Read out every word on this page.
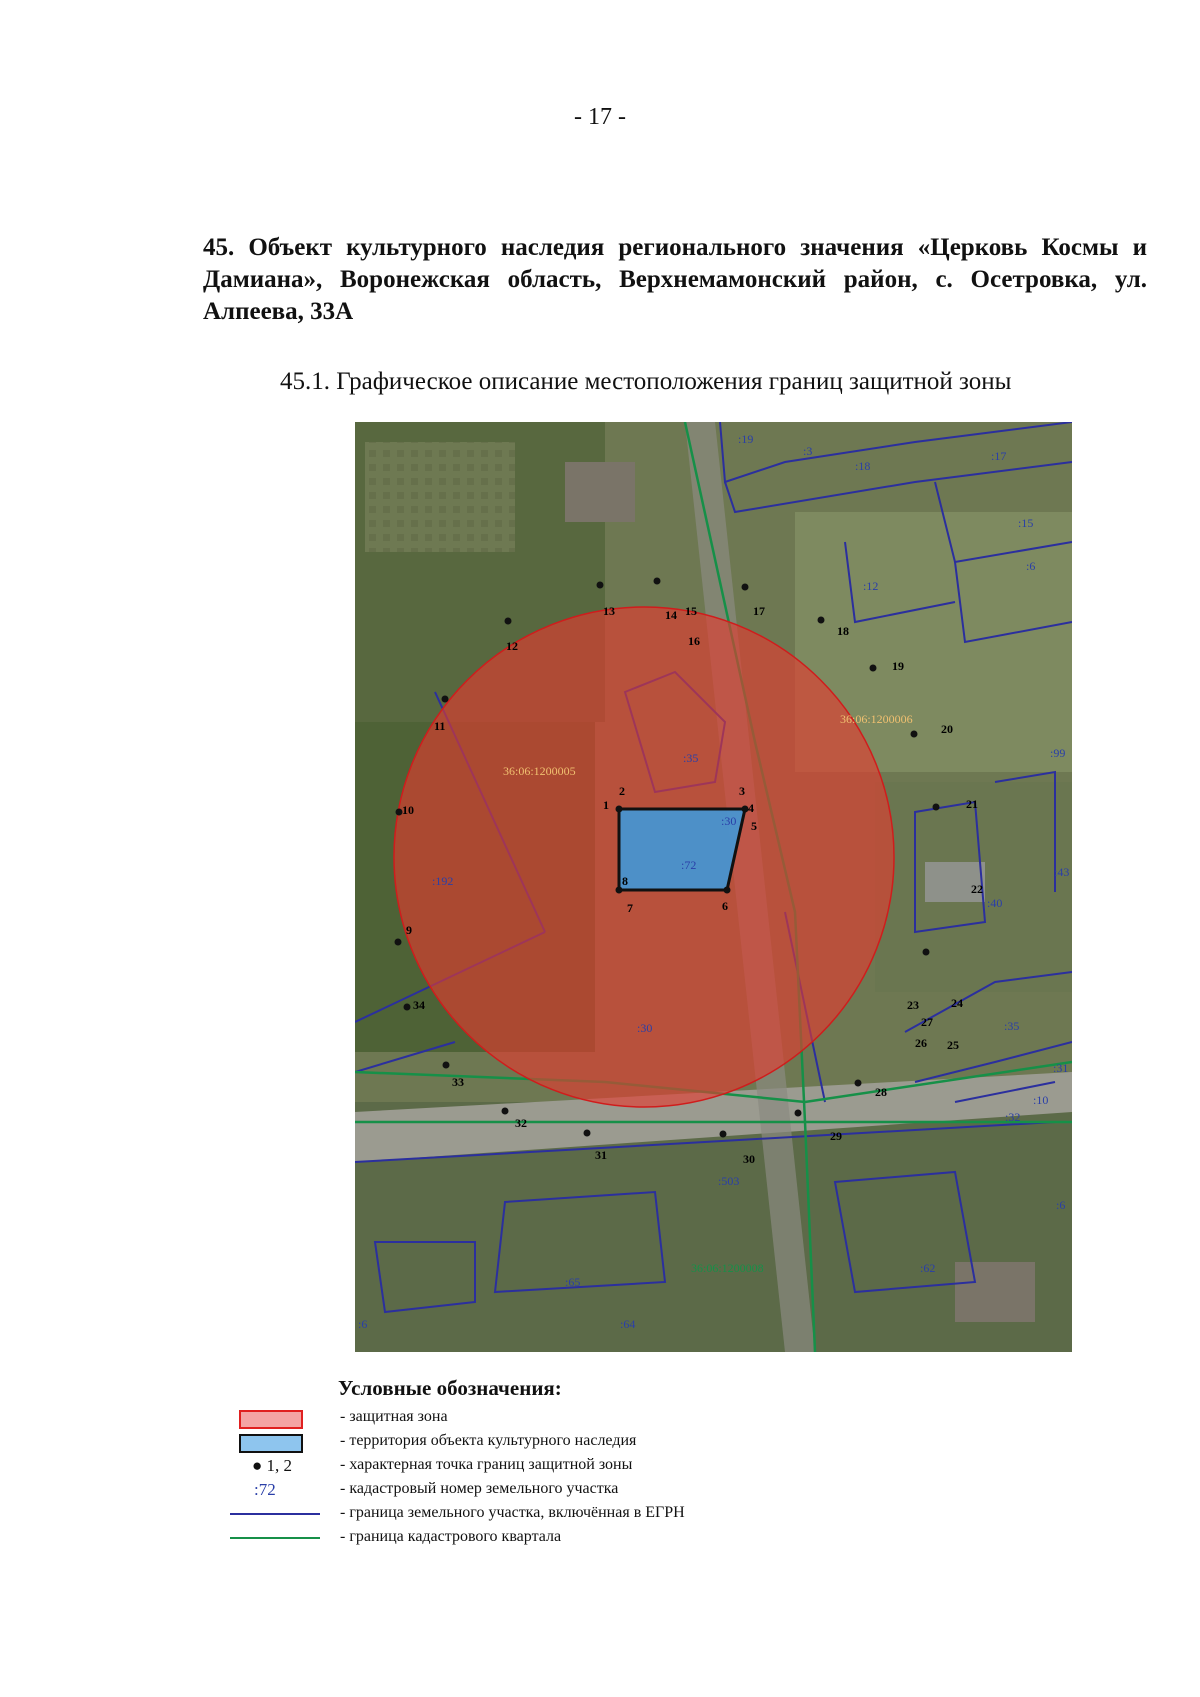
- 17 -
45. Объект культурного наследия регионального значения «Церковь Космы и Дамиана», Воронежская область, Верхнемамонский район, с. Осетровка, ул. Алпеева, 33А
45.1. Графическое описание местоположения границ защитной зоны
1
2	3
4
5
6
7
8
9
10
11
12
13	14 15
16
17
18
19
20
21
22
23	24
25
26
27
28
29
30
31
32
33
34
:19
:3
:18
:17
:15
:6
:12
:35
:30
:72
:192
:30
:99
:43
:40
:35
:31
:10
:32
:503
:65
:62
:64
:6
:6
36:06:1200005
36:06:1200006
36:06:1200008
Условные обозначения:
- защитная зона
- территория объекта культурного наследия
● 1, 2	- характерная точка границ защитной зоны
:72	- кадастровый номер земельного участка
- граница земельного участка, включённая в ЕГРН
- граница кадастрового квартала
